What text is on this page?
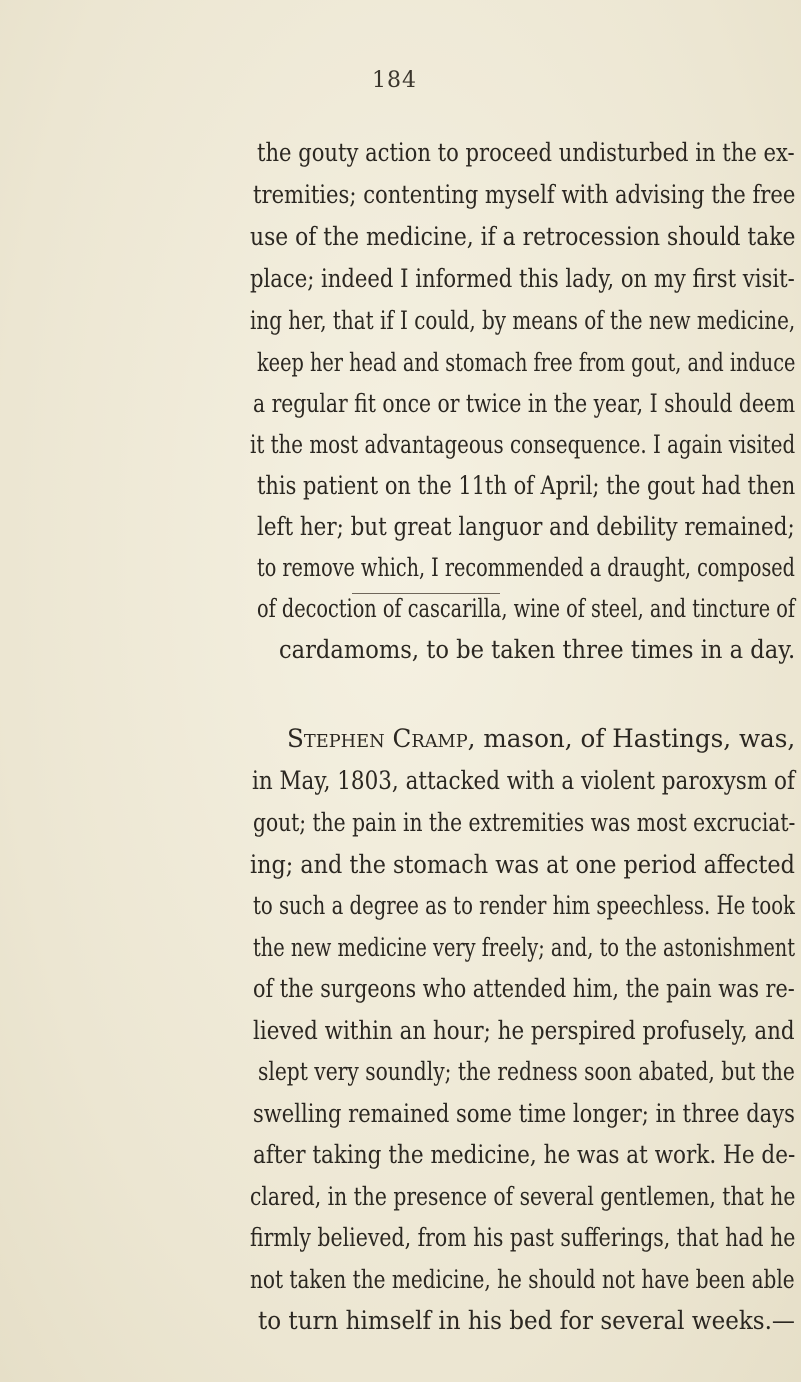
184
the gouty action to proceed undisturbed in the ex-
tremities; contenting myself with advising the free
use of the medicine, if a retrocession should take
place; indeed I informed this lady, on my first visit-
ing her, that if I could, by means of the new medicine,
keep her head and stomach free from gout, and induce
a regular fit once or twice in the year, I should deem
it the most advantageous consequence. I again visited
this patient on the 11th of April; the gout had then
left her; but great languor and debility remained;
to remove which, I recommended a draught, composed
of decoction of cascarilla, wine of steel, and tincture of
cardamoms, to be taken three times in a day.
Stephen Cramp, mason, of Hastings, was,
in May, 1803, attacked with a violent paroxysm of
gout; the pain in the extremities was most excruciat-
ing; and the stomach was at one period affected
to such a degree as to render him speechless. He took
the new medicine very freely; and, to the astonishment
of the surgeons who attended him, the pain was re-
lieved within an hour; he perspired profusely, and
slept very soundly; the redness soon abated, but the
swelling remained some time longer; in three days
after taking the medicine, he was at work. He de-
clared, in the presence of several gentlemen, that he
firmly believed, from his past sufferings, that had he
not taken the medicine, he should not have been able
to turn himself in his bed for several weeks.—
